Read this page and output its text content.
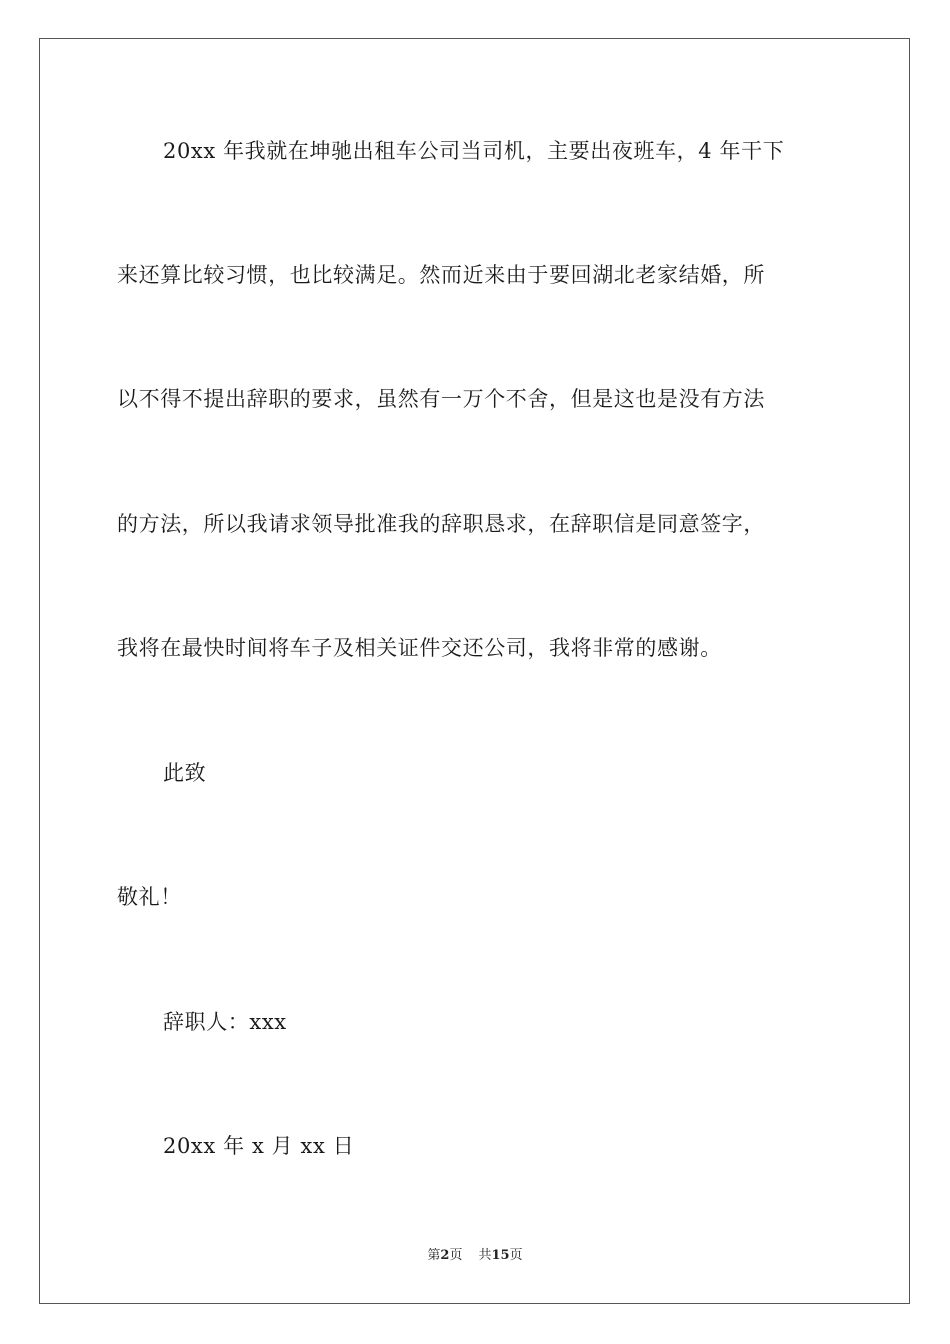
20xx 年我就在坤驰出租车公司当司机，主要出夜班车，4 年干下
来还算比较习惯，也比较满足。然而近来由于要回湖北老家结婚，所
以不得不提出辞职的要求，虽然有一万个不舍，但是这也是没有方法
的方法，所以我请求领导批准我的辞职恳求，在辞职信是同意签字，
我将在最快时间将车子及相关证件交还公司，我将非常的感谢。
此致
敬礼！
辞职人：xxx
20xx 年 x 月 xx 日
第2页 共15页
